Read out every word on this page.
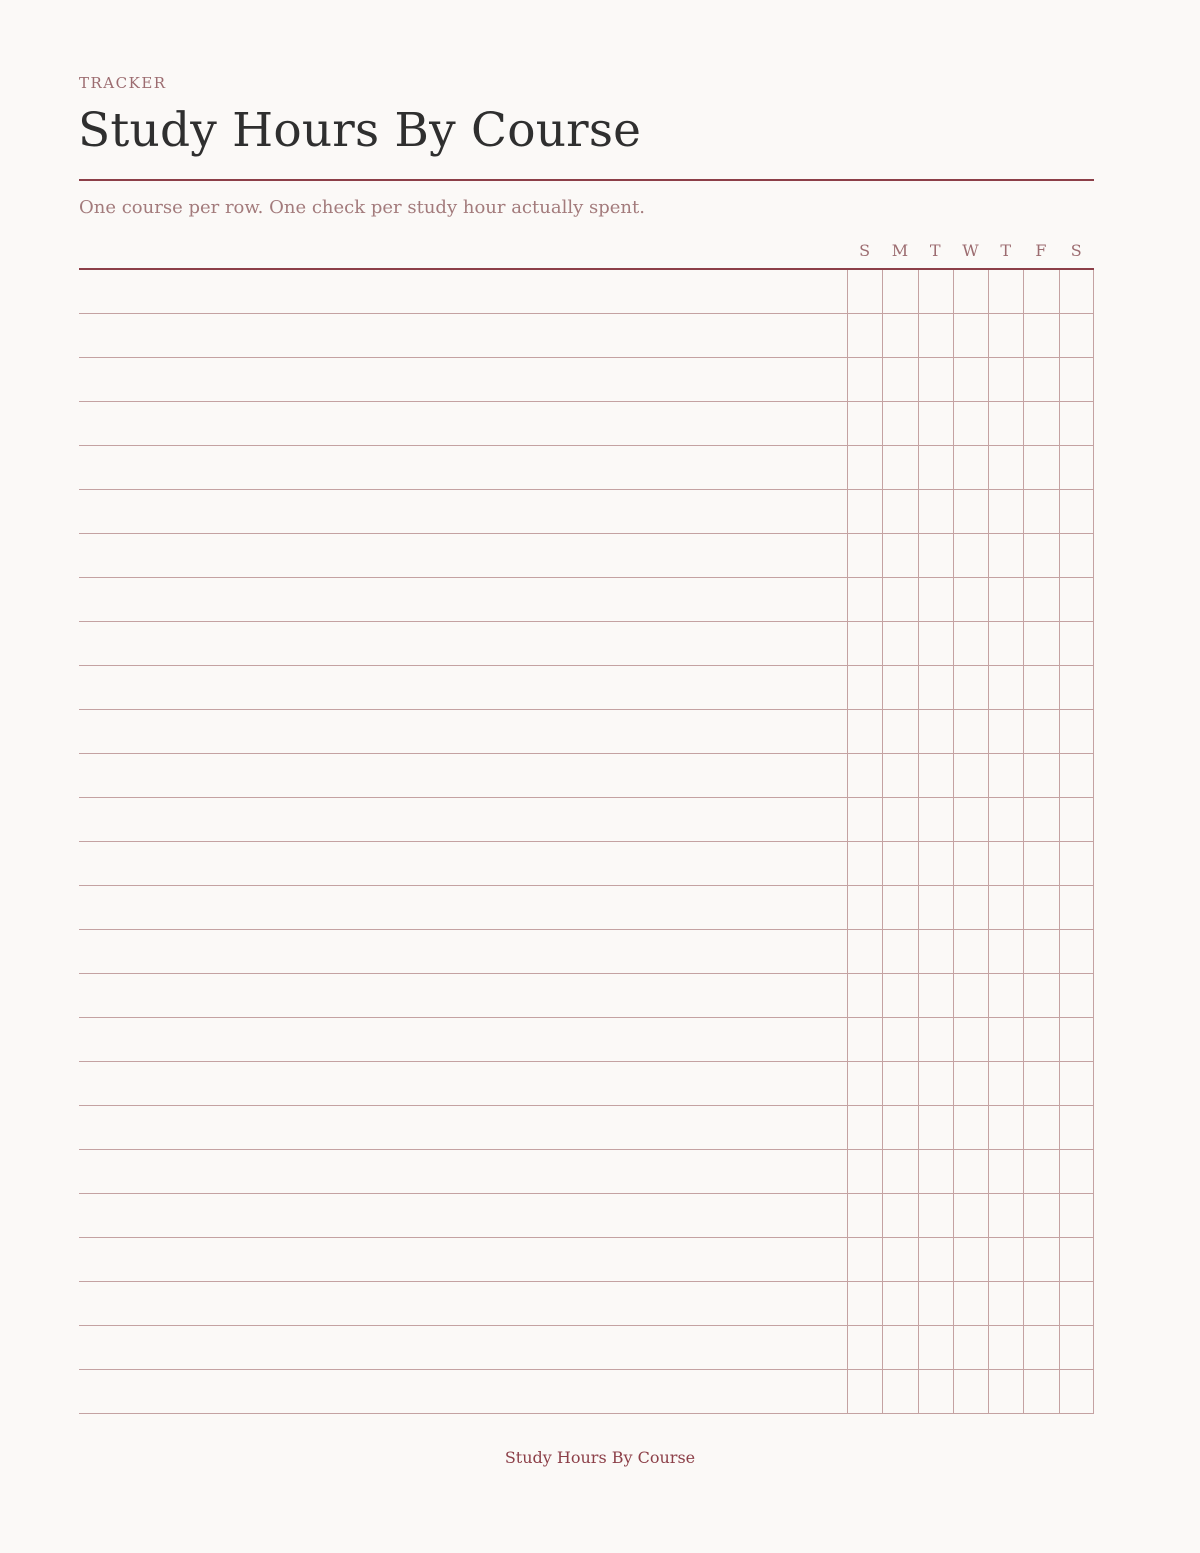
TRACKER
Study Hours By Course
One course per row. One check per study hour actually spent.
S	M	T	W	T	F	S
Study Hours By Course
